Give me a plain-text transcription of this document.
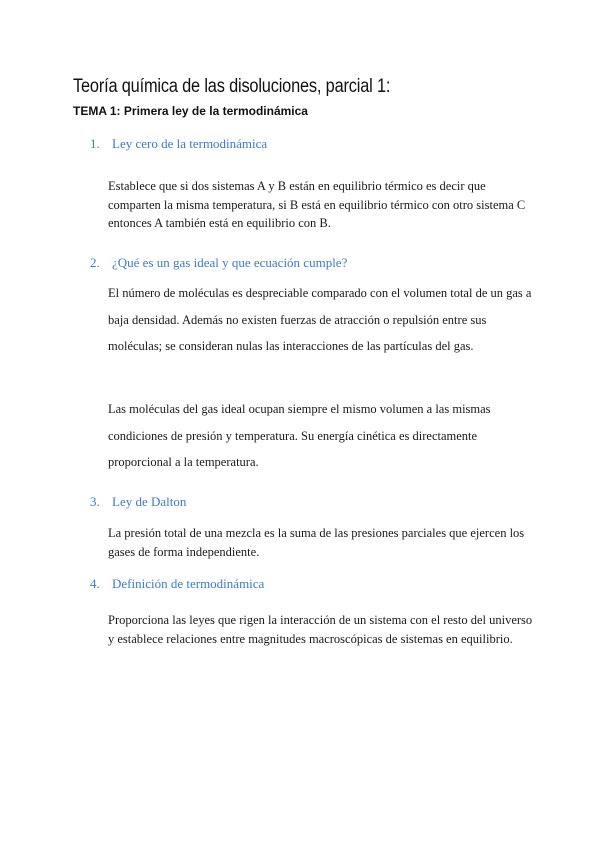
Teoría química de las disoluciones, parcial 1:
TEMA 1: Primera ley de la termodinámica
1. Ley cero de la termodinámica

Establece que si dos sistemas A y B están en equilibrio térmico es decir que comparten la misma temperatura, si B está en equilibrio térmico con otro sistema C entonces A también está en equilibrio con B.

2. ¿Qué es un gas ideal y que ecuación cumple?

El número de moléculas es despreciable comparado con el volumen total de un gas a baja densidad. Además no existen fuerzas de atracción o repulsión entre sus moléculas; se consideran nulas las interacciones de las partículas del gas.

Las moléculas del gas ideal ocupan siempre el mismo volumen a las mismas condiciones de presión y temperatura. Su energía cinética es directamente proporcional a la temperatura.

3. Ley de Dalton

La presión total de una mezcla es la suma de las presiones parciales que ejercen los gases de forma independiente.

4. Definición de termodinámica

Proporciona las leyes que rigen la interacción de un sistema con el resto del universo y establece relaciones entre magnitudes macroscópicas de sistemas en equilibrio.
